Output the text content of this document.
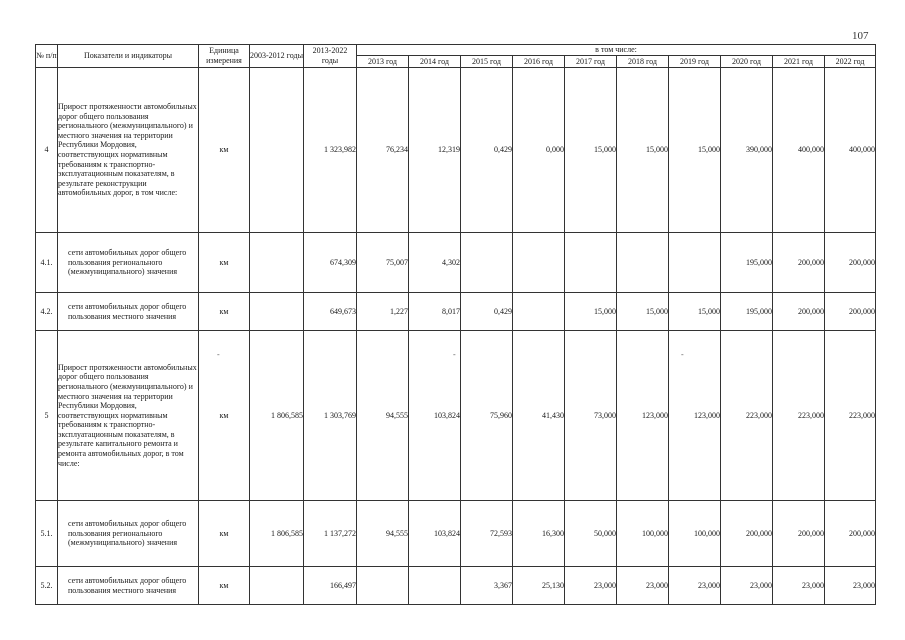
107
№ п/п	Показатели и индикаторы	Единица измерения	2003-2012 годы	2013-2022 годы	в том числе:									
					2013 год	2014 год	2015 год	2016 год	2017 год	2018 год	2019 год	2020 год	2021 год	2022 год
4	Прирост протяженности автомобильных дорог общего пользования регионального (межмуниципального) и местного значения на территории Республики Мордовия, соответствующих нормативным требованиям к транспортно-эксплуатационным показателям, в результате реконструкции автомобильных дорог, в том числе:	км		1 323,982	76,234	12,319	0,429	0,000	15,000	15,000	15,000	390,000	400,000	400,000
4.1.	сети автомобильных дорог общего пользования регионального (межмуниципального) значения	км		674,309	75,007	4,302						195,000	200,000	200,000
4.2.	сети автомобильных дорог общего пользования местного значения	км		649,673	1,227	8,017	0,429		15,000	15,000	15,000	195,000	200,000	200,000
5	Прирост протяженности автомобильных дорог общего пользования регионального (межмуниципального) и местного значения на территории Республики Мордовия, соответствующих нормативным требованиям к транспортно-эксплуатационным показателям, в результате капитального ремонта и ремонта автомобильных дорог, в том числе:	км	1 806,585	1 303,769	94,555	103,824	75,960	41,430	73,000	123,000	123,000	223,000	223,000	223,000
5.1.	сети автомобильных дорог общего пользования регионального (межмуниципального) значения	км	1 806,585	1 137,272	94,555	103,824	72,593	16,300	50,000	100,000	100,000	200,000	200,000	200,000
5.2.	сети автомобильных дорог общего пользования местного значения	км		166,497			3,367	25,130	23,000	23,000	23,000	23,000	23,000	23,000
-	-
-
